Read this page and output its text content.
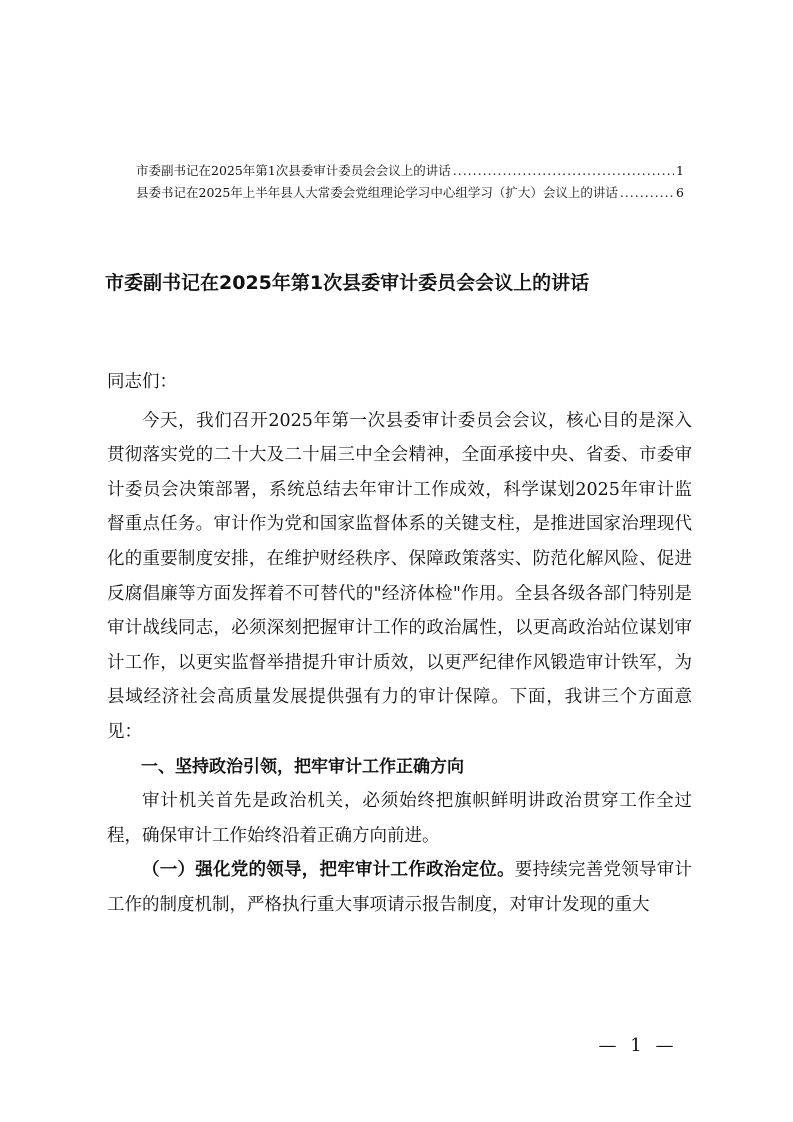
市委副书记在2025年第1次县委审计委员会会议上的讲话 .....	1
县委书记在2025年上半年县人大常委会党组理论学习中心组学习（扩大）会议上的讲话 .....	6
市委副书记在2025年第1次县委审计委员会会议上的讲话

同志们：

今天，我们召开2025年第一次县委审计委员会会议，核心目的是深入贯彻落实党的二十大及二十届三中全会精神，全面承接中央、省委、市委审计委员会决策部署，系统总结去年审计工作成效，科学谋划2025年审计监督重点任务。审计作为党和国家监督体系的关键支柱，是推进国家治理现代化的重要制度安排，在维护财经秩序、保障政策落实、防范化解风险、促进反腐倡廉等方面发挥着不可替代的"经济体检"作用。全县各级各部门特别是审计战线同志，必须深刻把握审计工作的政治属性，以更高政治站位谋划审计工作，以更实监督举措提升审计质效，以更严纪律作风锻造审计铁军，为县域经济社会高质量发展提供强有力的审计保障。下面，我讲三个方面意见：

一、坚持政治引领，把牢审计工作正确方向

审计机关首先是政治机关，必须始终把旗帜鲜明讲政治贯穿工作全过程，确保审计工作始终沿着正确方向前进。

（一）强化党的领导，把牢审计工作政治定位。要持续完善党领导审计工作的制度机制，严格执行重大事项请示报告制度，对审计发现的重大

— 1 —
